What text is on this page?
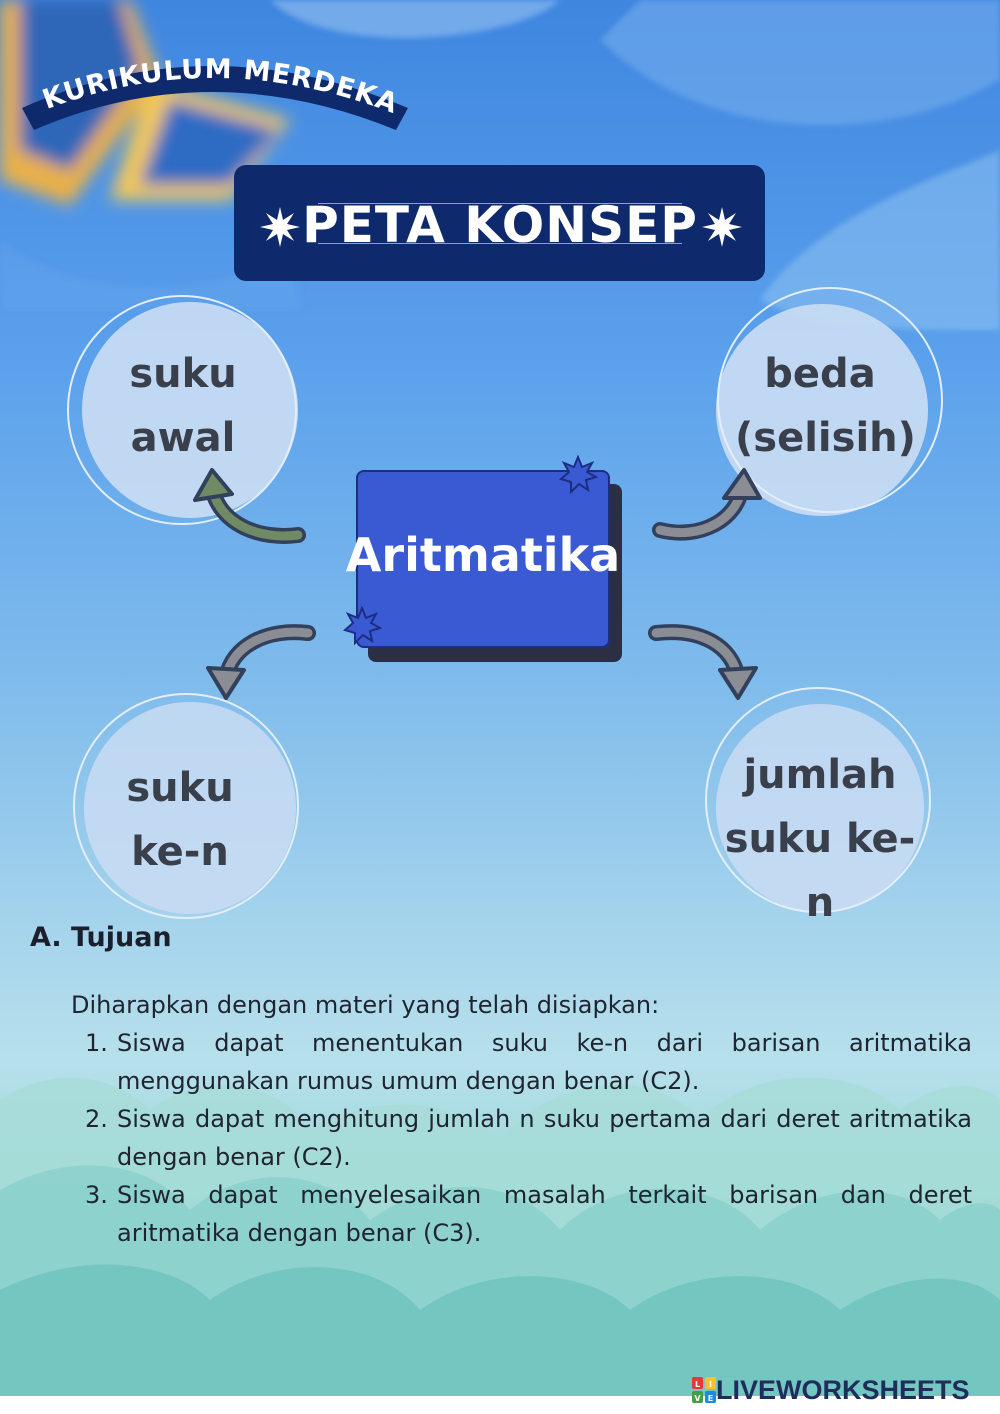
KURIKULUM MERDEKA
PETA KONSEP
suku
awal
beda
(selisih)
suku
ke-n
jumlah
suku ke-n
Aritmatika
A. Tujuan
Diharapkan dengan materi yang telah disiapkan:
1. Siswa dapat menentukan suku ke-n dari barisan aritmatika menggunakan rumus umum dengan benar (C2).
2. Siswa dapat menghitung jumlah n suku pertama dari deret aritmatika dengan benar (C2).
3. Siswa dapat menyelesaikan masalah terkait barisan dan deret aritmatika dengan benar (C3).
L I
V E LIVEWORKSHEETS
